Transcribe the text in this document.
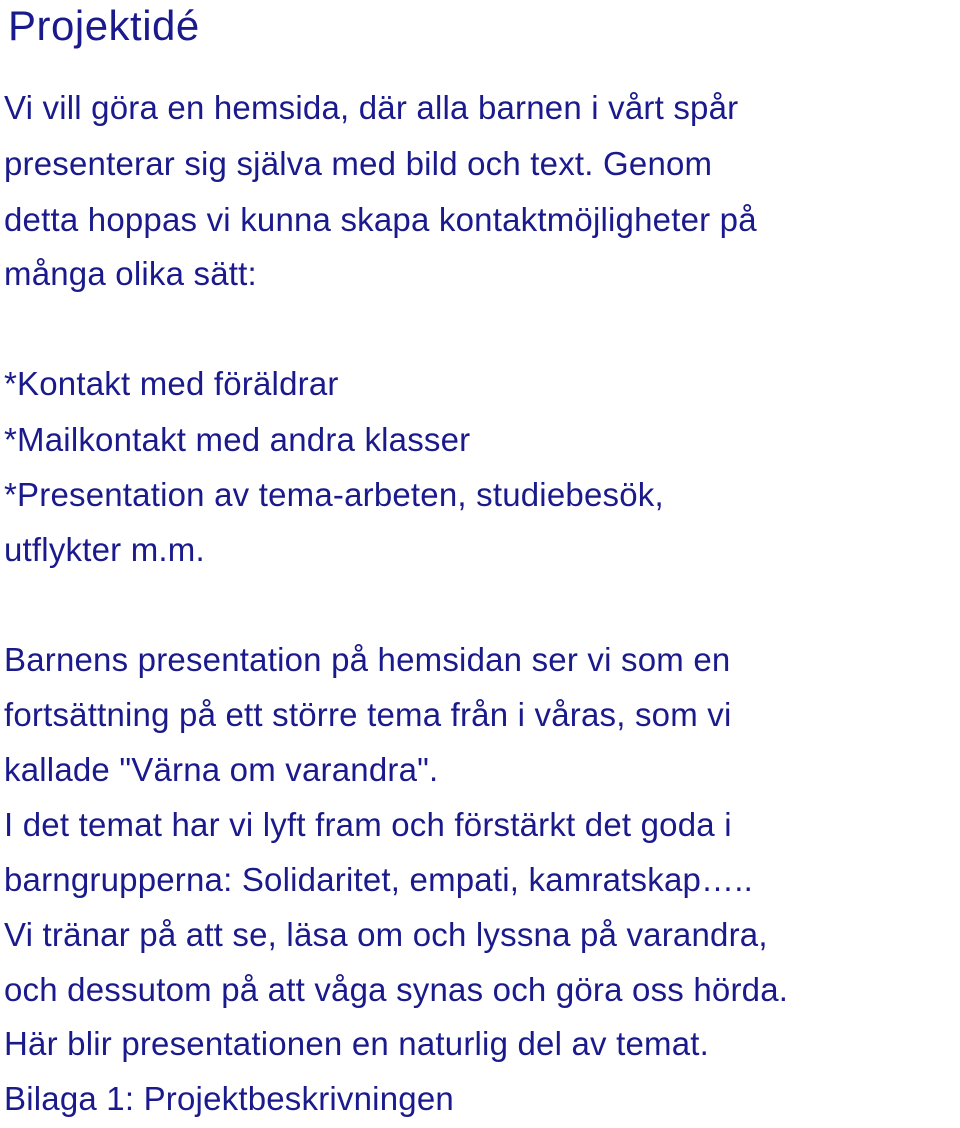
Projektidé
Vi vill göra en hemsida, där alla barnen i vårt spår
presenterar sig själva med bild och text. Genom
detta hoppas vi kunna skapa kontaktmöjligheter på
många olika sätt:
*Kontakt med föräldrar
*Mailkontakt med andra klasser
*Presentation av tema-arbeten, studiebesök,
utflykter m.m.
Barnens presentation på hemsidan ser vi som en
fortsättning på ett större tema från i våras, som vi
kallade "Värna om varandra".
I det temat har vi lyft fram och förstärkt det goda i
barngrupperna: Solidaritet, empati, kamratskap…..
Vi tränar på att se, läsa om och lyssna på varandra,
och dessutom på att våga synas och göra oss hörda.
Här blir presentationen en naturlig del av temat.
Bilaga 1: Projektbeskrivningen
